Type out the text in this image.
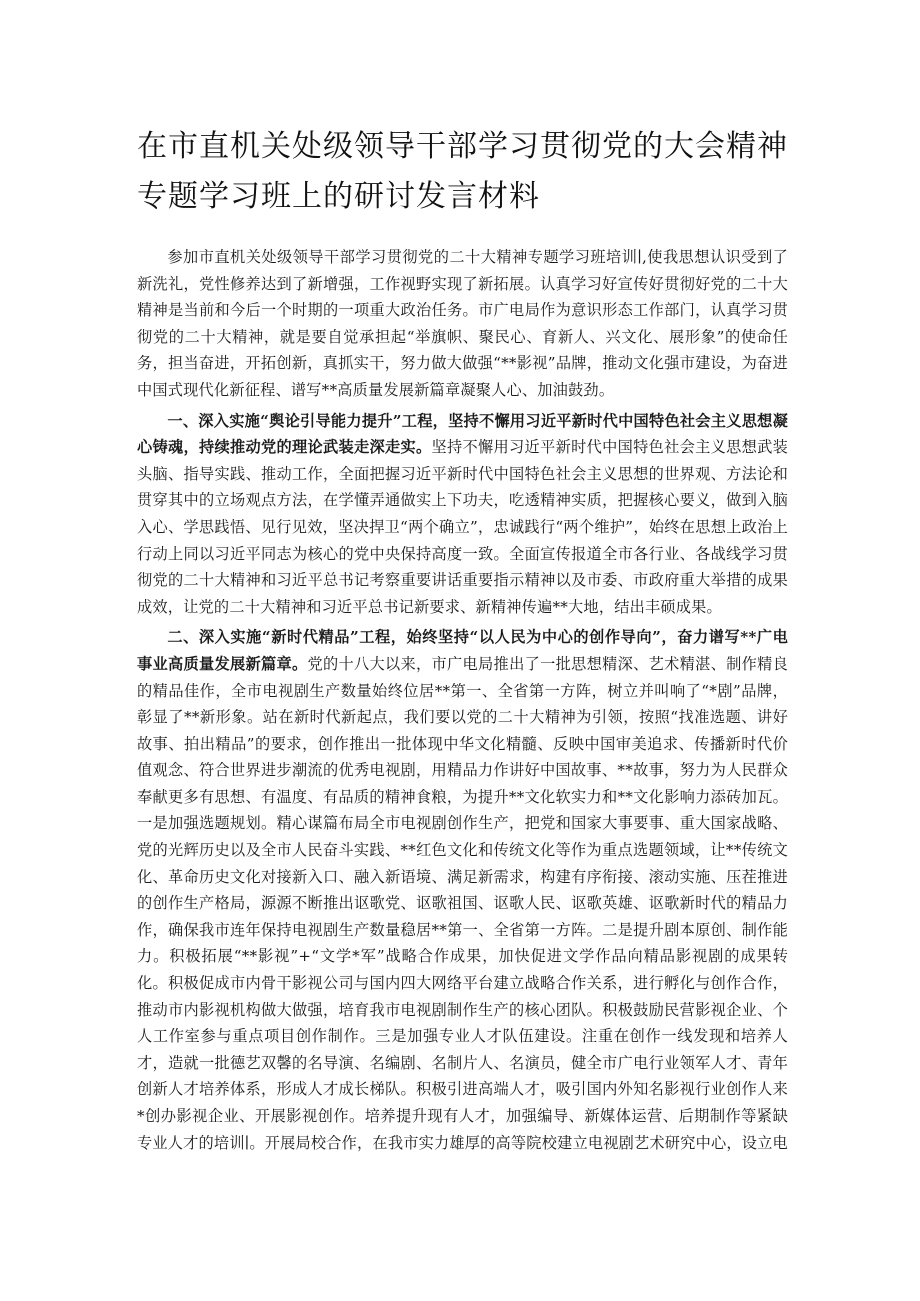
在市直机关处级领导干部学习贯彻党的大会精神专题学习班上的研讨发言材料

参加市直机关处级领导干部学习贯彻党的二十大精神专题学习班培训∣,使我思想认识受到了新洗礼，党性修养达到了新增强，工作视野实现了新拓展。认真学习好宣传好贯彻好党的二十大精神是当前和今后一个时期的一项重大政治任务。市广电局作为意识形态工作部门，认真学习贯彻党的二十大精神，就是要自觉承担起“举旗帜、聚民心、育新人、兴文化、展形象”的使命任务，担当奋进，开拓创新，真抓实干，努力做大做强“**影视”品牌，推动文化强市建设，为奋进中国式现代化新征程、谱写**高质量发展新篇章凝聚人心、加油鼓劲。

一、深入实施“舆论引导能力提升”工程，坚持不懈用习近平新时代中国特色社会主义思想凝心铸魂，持续推动党的理论武装走深走实。坚持不懈用习近平新时代中国特色社会主义思想武装头脑、指导实践、推动工作，全面把握习近平新时代中国特色社会主义思想的世界观、方法论和贯穿其中的立场观点方法，在学懂弄通做实上下功夫，吃透精神实质，把握核心要义，做到入脑入心、学思践悟、见行见效，坚决捍卫“两个确立”，忠诚践行“两个维护”，始终在思想上政治上行动上同以习近平同志为核心的党中央保持高度一致。全面宣传报道全市各行业、各战线学习贯彻党的二十大精神和习近平总书记考察重要讲话重要指示精神以及市委、市政府重大举措的成果成效，让党的二十大精神和习近平总书记新要求、新精神传遍**大地，结出丰硕成果。

二、深入实施“新时代精品”工程，始终坚持“以人民为中心的创作导向”，奋力谱写**广电事业高质量发展新篇章。党的十八大以来，市广电局推出了一批思想精深、艺术精湛、制作精良的精品佳作，全市电视剧生产数量始终位居**第一、全省第一方阵，树立并叫响了“*剧”品牌，彰显了**新形象。站在新时代新起点，我们要以党的二十大精神为引领，按照“找准选题、讲好故事、拍出精品”的要求，创作推出一批体现中华文化精髓、反映中国审美追求、传播新时代价值观念、符合世界进步潮流的优秀电视剧，用精品力作讲好中国故事、**故事，努力为人民群众奉献更多有思想、有温度、有品质的精神食粮，为提升**文化软实力和**文化影响力添砖加瓦。一是加强选题规划。精心谋篇布局全市电视剧创作生产，把党和国家大事要事、重大国家战略、党的光辉历史以及全市人民奋斗实践、**红色文化和传统文化等作为重点选题领域，让**传统文化、革命历史文化对接新入口、融入新语境、满足新需求，构建有序衔接、滚动实施、压茬推进的创作生产格局，源源不断推出讴歌党、讴歌祖国、讴歌人民、讴歌英雄、讴歌新时代的精品力作，确保我市连年保持电视剧生产数量稳居**第一、全省第一方阵。二是提升剧本原创、制作能力。积极拓展“**影视”+“文学*军”战略合作成果，加快促进文学作品向精品影视剧的成果转化。积极促成市内骨干影视公司与国内四大网络平台建立战略合作关系，进行孵化与创作合作，推动市内影视机构做大做强，培育我市电视剧制作生产的核心团队。积极鼓励民营影视企业、个人工作室参与重点项目创作制作。三是加强专业人才队伍建设。注重在创作一线发现和培养人才，造就一批德艺双馨的名导演、名编剧、名制片人、名演员，健全市广电行业领军人才、青年创新人才培养体系，形成人才成长梯队。积极引进高端人才，吸引国内外知名影视行业创作人来*创办影视企业、开展影视创作。培养提升现有人才，加强编导、新媒体运营、后期制作等紧缺专业人才的培训∣。开展局校合作，在我市实力雄厚的高等院校建立电视剧艺术研究中心，设立电
